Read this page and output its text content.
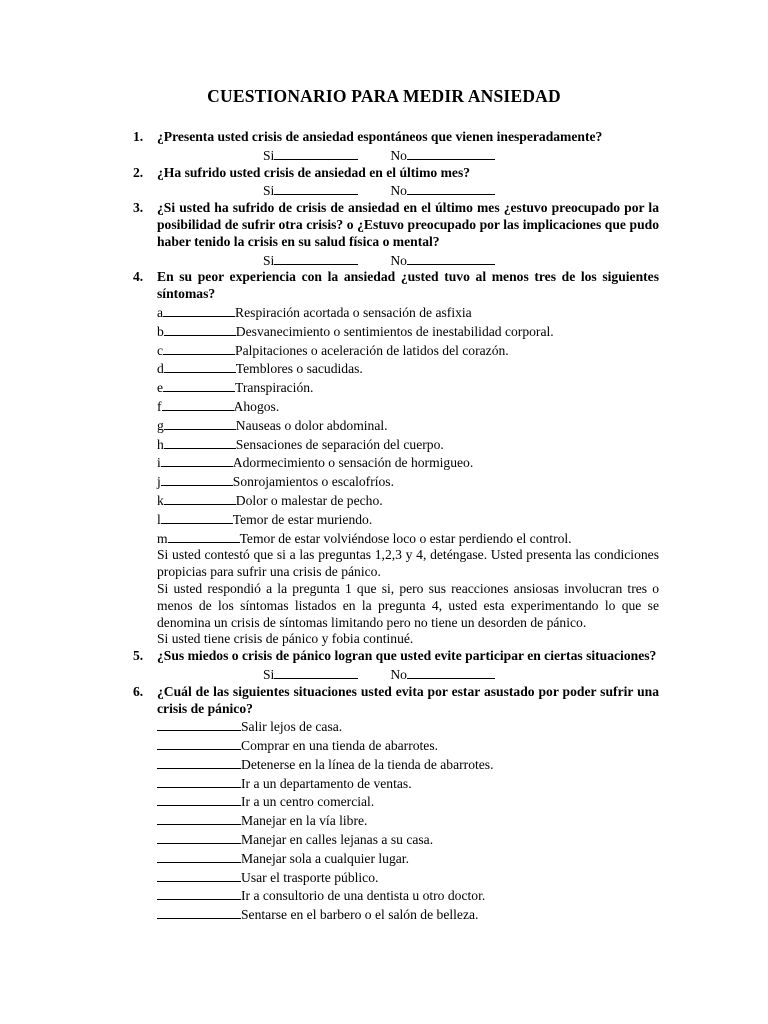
CUESTIONARIO PARA MEDIR ANSIEDAD
1.	¿Presenta usted crisis de ansiedad espontáneos que vienen inesperadamente?
Si	No
2.	¿Ha sufrido usted crisis de ansiedad en el último mes?
Si	No
3.	¿Si usted ha sufrido de crisis de ansiedad en el último mes ¿estuvo preocupado por la posibilidad de sufrir otra crisis? o ¿Estuvo preocupado por las implicaciones que pudo haber tenido la crisis en su salud física o mental?
Si	No
4.	En su peor experiencia con la ansiedad ¿usted tuvo al menos tres de los siguientes síntomas?
a	Respiración acortada o sensación de asfixia
b	Desvanecimiento o sentimientos de inestabilidad corporal.
c	Palpitaciones o aceleración de latidos del corazón.
d	Temblores o sacudidas.
e	Transpiración.
f	Ahogos.
g	Nauseas o dolor abdominal.
h	Sensaciones de separación del cuerpo.
i	Adormecimiento o sensación de hormigueo.
j	Sonrojamientos o escalofríos.
k	Dolor o malestar de pecho.
l	Temor de estar muriendo.
m	Temor de estar volviéndose loco o estar perdiendo el control.
Si usted contestó que si a las preguntas 1,2,3 y 4, deténgase. Usted presenta las condiciones propicias para sufrir una crisis de pánico.
Si usted respondió a la pregunta 1 que si, pero sus reacciones ansiosas involucran tres o menos de los síntomas listados en la pregunta 4, usted esta experimentando lo que se denomina un crisis de síntomas limitando pero no tiene un desorden de pánico.
Si usted tiene crisis de pánico y fobia continué.
5.	¿Sus miedos o crisis de pánico logran que usted evite participar en ciertas situaciones?
Si	No
6.	¿Cuál de las siguientes situaciones usted evita por estar asustado por poder sufrir una crisis de pánico?
Salir lejos de casa.
Comprar en una tienda de abarrotes.
Detenerse en la línea de la tienda de abarrotes.
Ir a un departamento de ventas.
Ir a un centro comercial.
Manejar en la vía libre.
Manejar en calles lejanas a su casa.
Manejar sola a cualquier lugar.
Usar el trasporte público.
Ir a consultorio de una dentista u otro doctor.
Sentarse en el barbero o el salón de belleza.
